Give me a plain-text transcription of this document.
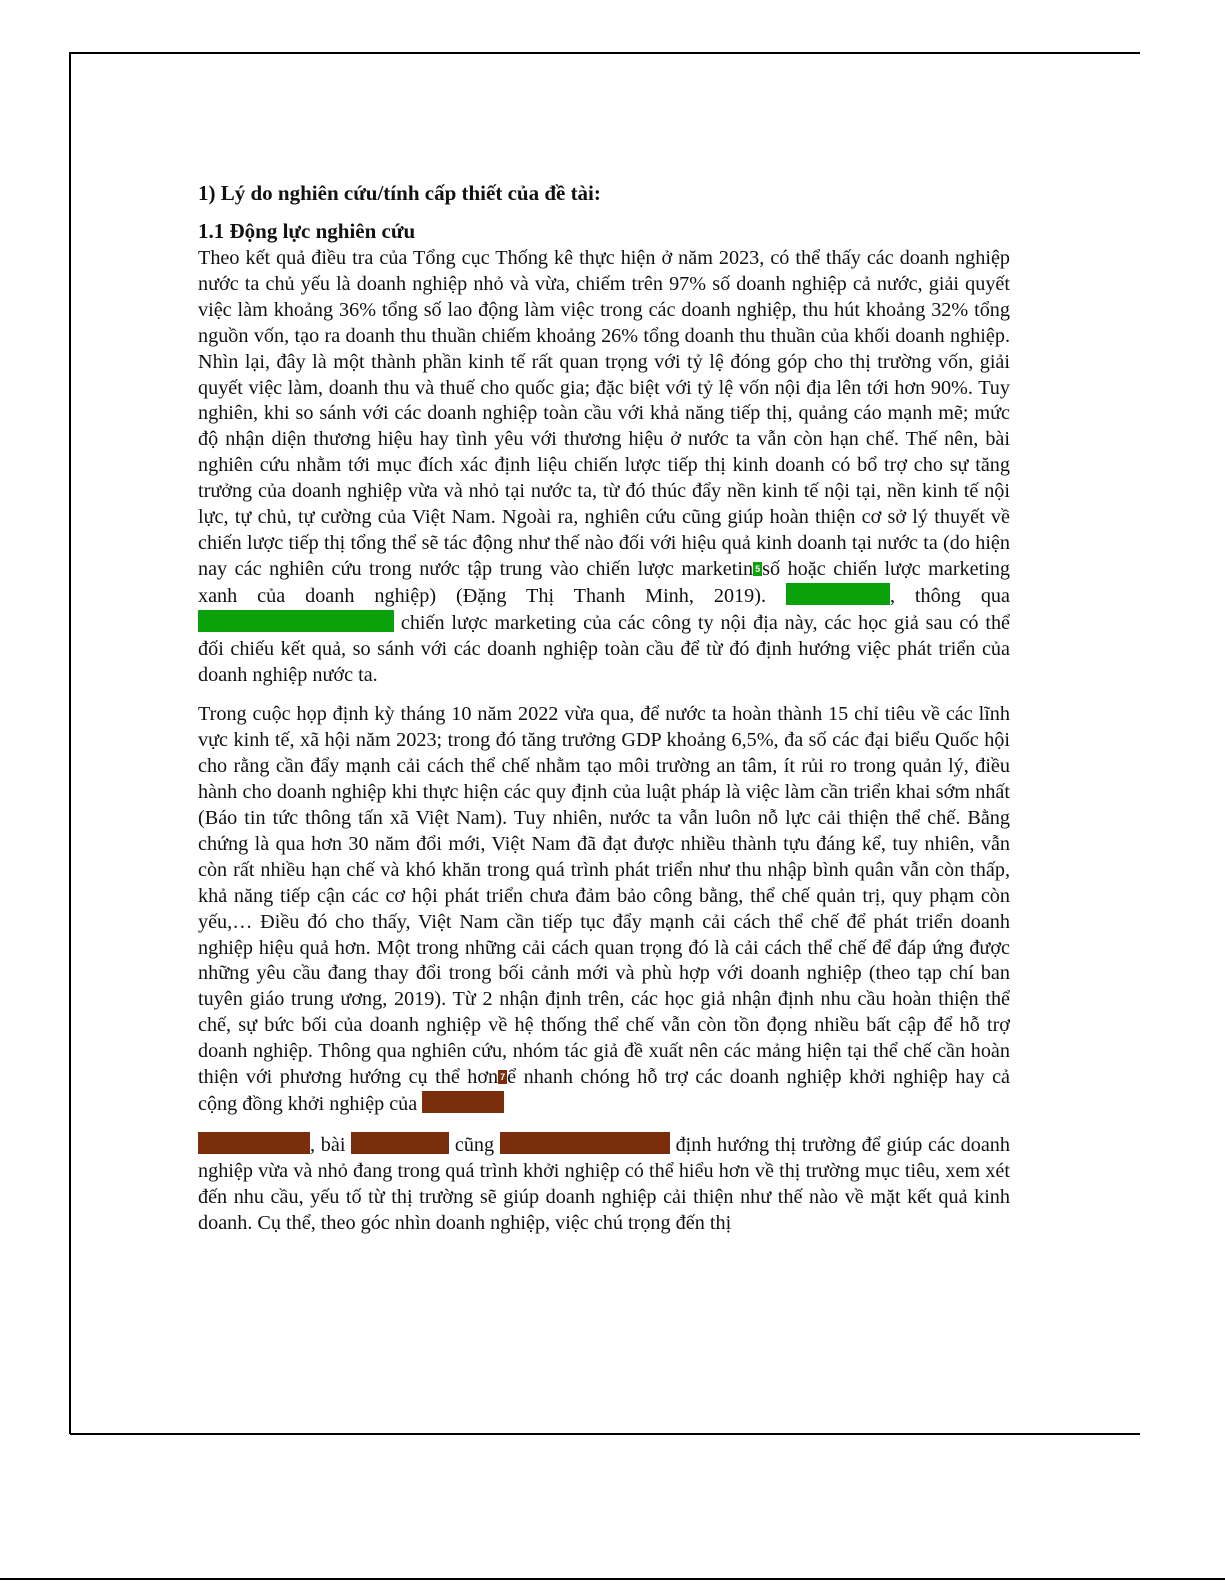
1) Lý do nghiên cứu/tính cấp thiết của đề tài:
1.1 Động lực nghiên cứu

Theo kết quả điều tra của Tổng cục Thống kê thực hiện ở năm 2023, có thể thấy các doanh nghiệp nước ta chủ yếu là doanh nghiệp nhỏ và vừa, chiếm trên 97% số doanh nghiệp cả nước, giải quyết việc làm khoảng 36% tổng số lao động làm việc trong các doanh nghiệp, thu hút khoảng 32% tổng nguồn vốn, tạo ra doanh thu thuần chiếm khoảng 26% tổng doanh thu thuần của khối doanh nghiệp. Nhìn lại, đây là một thành phần kinh tế rất quan trọng với tỷ lệ đóng góp cho thị trường vốn, giải quyết việc làm, doanh thu và thuế cho quốc gia; đặc biệt với tỷ lệ vốn nội địa lên tới hơn 90%. Tuy nghiên, khi so sánh với các doanh nghiệp toàn cầu với khả năng tiếp thị, quảng cáo mạnh mẽ; mức độ nhận diện thương hiệu hay tình yêu với thương hiệu ở nước ta vẫn còn hạn chế. Thế nên, bài nghiên cứu nhằm tới mục đích xác định liệu chiến lược tiếp thị kinh doanh có bổ trợ cho sự tăng trưởng của doanh nghiệp vừa và nhỏ tại nước ta, từ đó thúc đẩy nền kinh tế nội tại, nền kinh tế nội lực, tự chủ, tự cường của Việt Nam. Ngoài ra, nghiên cứu cũng giúp hoàn thiện cơ sở lý thuyết về chiến lược tiếp thị tổng thể sẽ tác động như thế nào đối với hiệu quả kinh doanh tại nước ta (do hiện nay các nghiên cứu trong nước tập trung vào chiến lược marketin 5số hoặc chiến lược marketing xanh của doanh nghiệp) (Đặng Thị Thanh Minh, 2019).	, thông qua  chiến lược marketing của các công ty nội địa này, các học giả sau có thể đối chiếu kết quả, so sánh với các doanh nghiệp toàn cầu để từ đó định hướng việc phát triển của doanh nghiệp nước ta.

Trong cuộc họp định kỳ tháng 10 năm 2022 vừa qua, để nước ta hoàn thành 15 chỉ tiêu về các lĩnh vực kinh tế, xã hội năm 2023; trong đó tăng trưởng GDP khoảng 6,5%, đa số các đại biểu Quốc hội cho rằng cần đẩy mạnh cải cách thể chế nhằm tạo môi trường an tâm, ít rủi ro trong quản lý, điều hành cho doanh nghiệp khi thực hiện các quy định của luật pháp là việc làm cần triển khai sớm nhất (Báo tin tức thông tấn xã Việt Nam). Tuy nhiên, nước ta vẫn luôn nỗ lực cải thiện thể chế. Bằng chứng là qua hơn 30 năm đổi mới, Việt Nam đã đạt được nhiều thành tựu đáng kể, tuy nhiên, vẫn còn rất nhiều hạn chế và khó khăn trong quá trình phát triển như thu nhập bình quân vẫn còn thấp, khả năng tiếp cận các cơ hội phát triển chưa đảm bảo công bằng, thể chế quản trị, quy phạm còn yếu,… Điều đó cho thấy, Việt Nam cần tiếp tục đẩy mạnh cải cách thể chế để phát triển doanh nghiệp hiệu quả hơn. Một trong những cải cách quan trọng đó là cải cách thể chế để đáp ứng được những yêu cầu đang thay đổi trong bối cảnh mới và phù hợp với doanh nghiệp (theo tạp chí ban tuyên giáo trung ương, 2019). Từ 2 nhận định trên, các học giả nhận định nhu cầu hoàn thiện thể chế, sự bức bối của doanh nghiệp về hệ thống thể chế vẫn còn tồn đọng nhiều bất cập để hỗ trợ doanh nghiệp. Thông qua nghiên cứu, nhóm tác giả đề xuất nên các mảng hiện tại thể chế cần hoàn thiện với phương hướng cụ thể hơn 7ể nhanh chóng hỗ trợ các doanh nghiệp khởi nghiệp hay cả cộng đồng khởi nghiệp của

, bài	cũng	định hướng thị trường để giúp các doanh nghiệp vừa và nhỏ đang trong quá trình khởi nghiệp có thể hiểu hơn về thị trường mục tiêu, xem xét đến nhu cầu, yếu tố từ thị trường sẽ giúp doanh nghiệp cải thiện như thế nào về mặt kết quả kinh doanh. Cụ thể, theo góc nhìn doanh nghiệp, việc chú trọng đến thị
